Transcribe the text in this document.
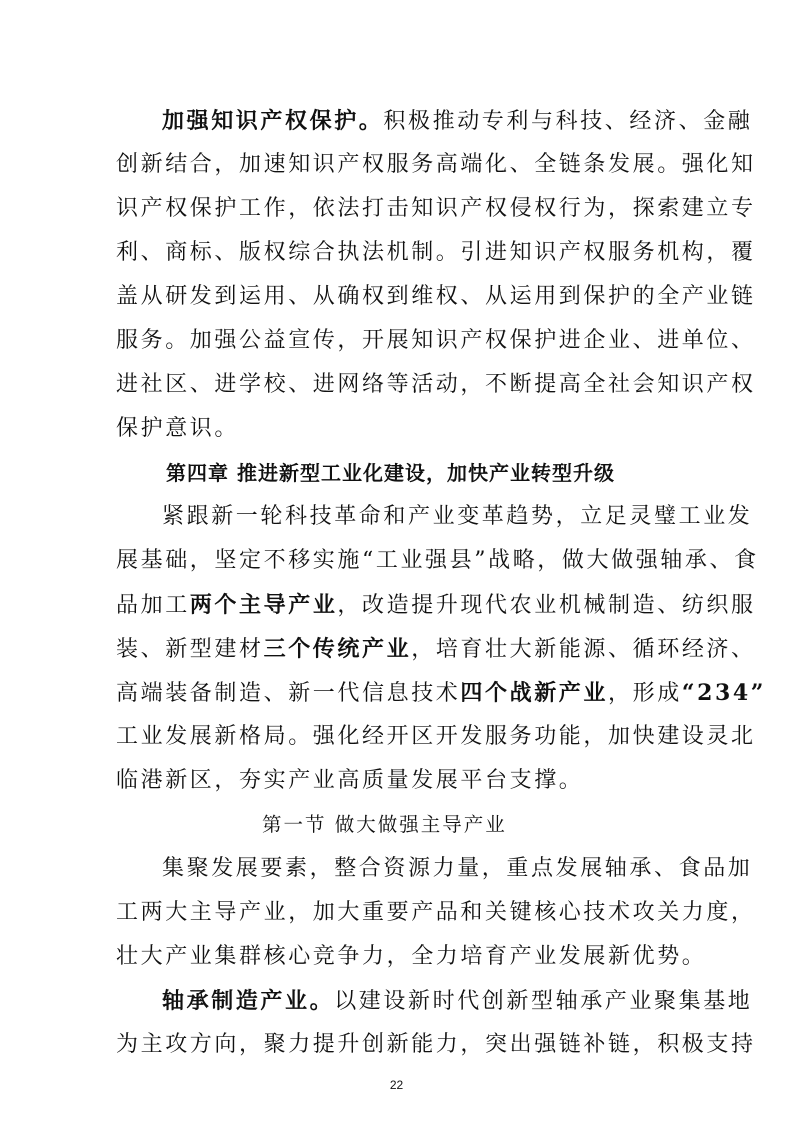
加强知识产权保护。积极推动专利与科技、经济、金融
创新结合，加速知识产权服务高端化、全链条发展。强化知
识产权保护工作，依法打击知识产权侵权行为，探索建立专
利、商标、版权综合执法机制。引进知识产权服务机构，覆
盖从研发到运用、从确权到维权、从运用到保护的全产业链
服务。加强公益宣传，开展知识产权保护进企业、进单位、
进社区、进学校、进网络等活动，不断提高全社会知识产权
保护意识。
第四章 推进新型工业化建设，加快产业转型升级
紧跟新一轮科技革命和产业变革趋势，立足灵璧工业发
展基础，坚定不移实施“工业强县”战略，做大做强轴承、食
品加工两个主导产业，改造提升现代农业机械制造、纺织服
装、新型建材三个传统产业，培育壮大新能源、循环经济、
高端装备制造、新一代信息技术四个战新产业，形成“234”
工业发展新格局。强化经开区开发服务功能，加快建设灵北
临港新区，夯实产业高质量发展平台支撑。
第一节 做大做强主导产业
集聚发展要素，整合资源力量，重点发展轴承、食品加
工两大主导产业，加大重要产品和关键核心技术攻关力度，
壮大产业集群核心竞争力，全力培育产业发展新优势。
22
轴承制造产业。以建设新时代创新型轴承产业聚集基地
为主攻方向，聚力提升创新能力，突出强链补链，积极支持
